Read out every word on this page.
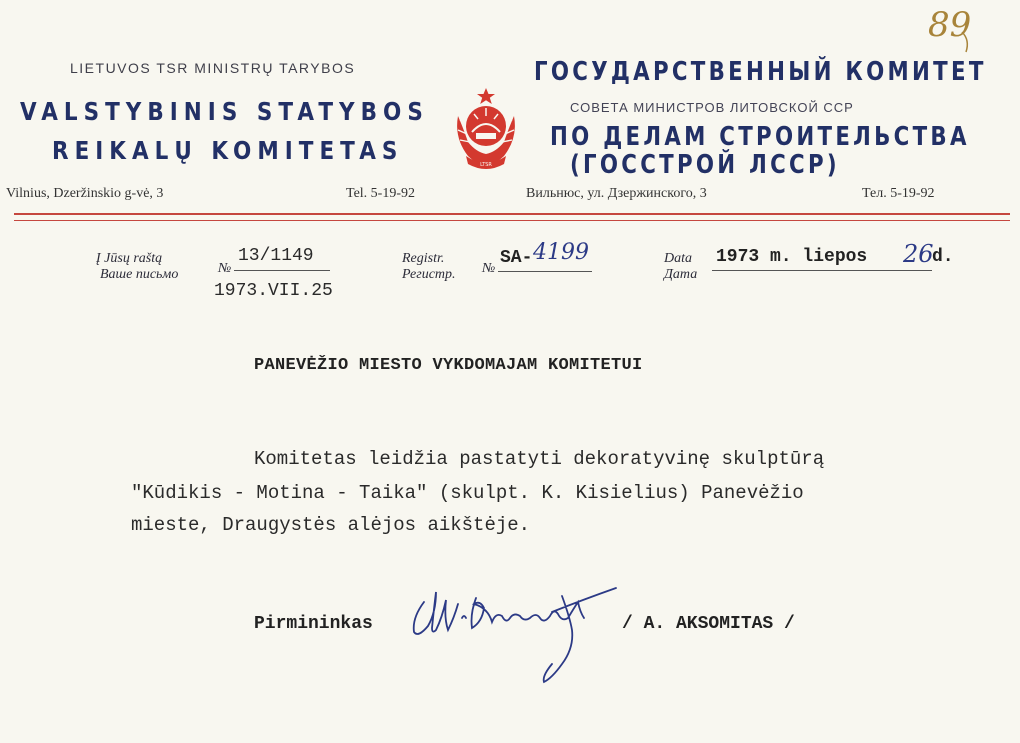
89
LIETUVOS TSR MINISTRŲ TARYBOS
VALSTYBINIS STATYBOS
REIKALŲ KOMITETAS
Vilnius, Dzeržinskio g-vė, 3	Tel. 5-19-92
LTSR
ГОСУДАРСТВЕННЫЙ КОМИТЕТ
СОВЕТА МИНИСТРОВ ЛИТОВСКОЙ ССР
ПО ДЕЛАМ СТРОИТЕЛЬСТВА
(ГОССТРОЙ ЛССР)
Вильнюс, ул. Дзержинского, 3	Тел. 5-19-92
Į Jūsų raštą
Ваше письмо	№
13/1149
1973.VII.25
Registr.
Регистр. №
SA- 4199	Data
Дата
1973 m. liepos 26
d.
PANEVĖŽIO MIESTO VYKDOMAJAM KOMITETUI
Komitetas leidžia pastatyti dekoratyvinę skulptūrą
"Kūdikis - Motina - Taika" (skulpt. K. Kisielius) Panevėžio
mieste, Draugystės alėjos aikštėje.
Pirmininkas	/ A. AKSOMITAS /
